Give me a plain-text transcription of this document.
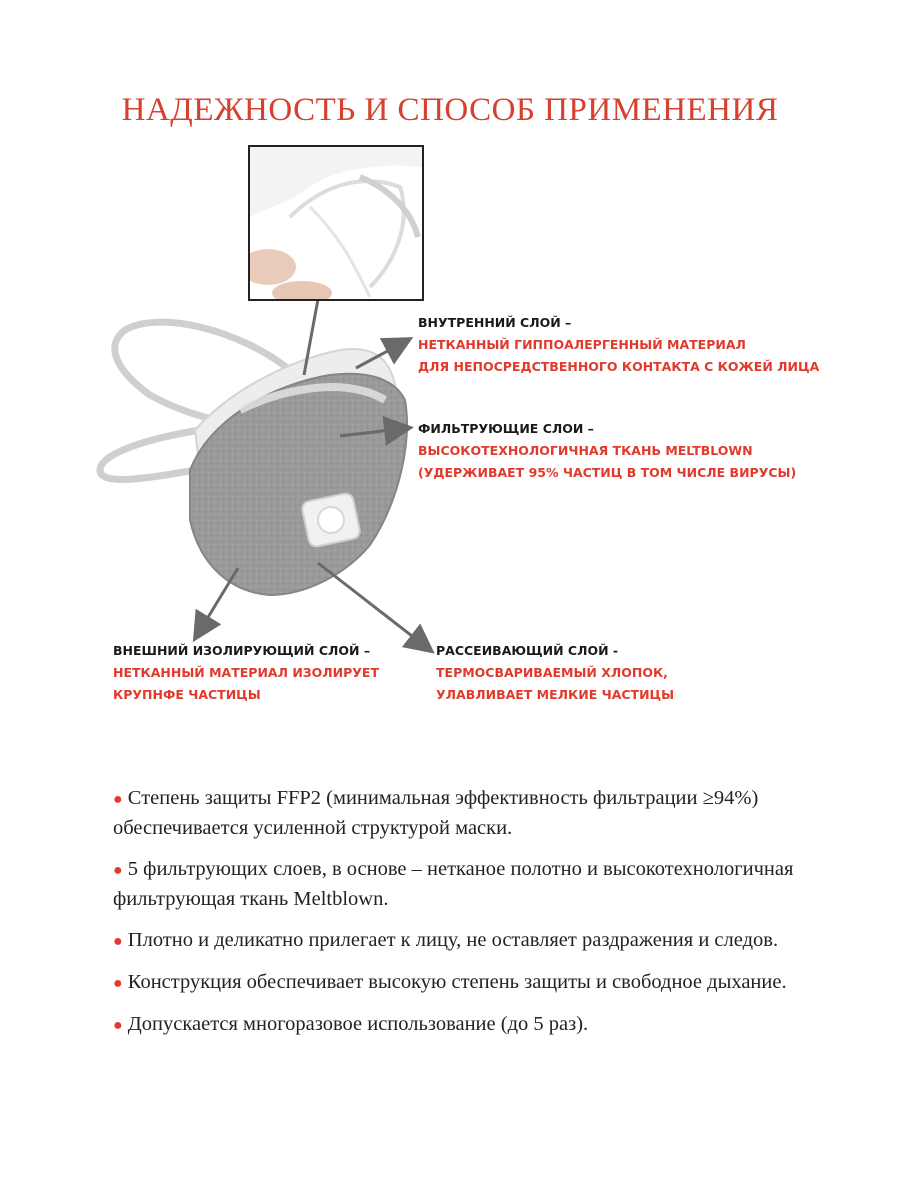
НАДЕЖНОСТЬ И СПОСОБ ПРИМЕНЕНИЯ
ВНУТРЕННИЙ СЛОЙ –
НЕТКАННЫЙ ГИППОАЛЕРГЕННЫЙ МАТЕРИАЛ
ДЛЯ НЕПОСРЕДСТВЕННОГО КОНТАКТА С КОЖЕЙ ЛИЦА
ФИЛЬТРУЮЩИЕ СЛОИ –
ВЫСОКОТЕХНОЛОГИЧНАЯ ТКАНЬ MELTBLOWN
(УДЕРЖИВАЕТ 95% ЧАСТИЦ В ТОМ ЧИСЛЕ ВИРУСЫ)
ВНЕШНИЙ ИЗОЛИРУЮЩИЙ СЛОЙ –
НЕТКАННЫЙ МАТЕРИАЛ ИЗОЛИРУЕТ
КРУПНФЕ ЧАСТИЦЫ
РАССЕИВАЮЩИЙ СЛОЙ -
ТЕРМОСВАРИВАЕМЫЙ ХЛОПОК,
УЛАВЛИВАЕТ МЕЛКИЕ ЧАСТИЦЫ
● Степень защиты FFP2 (минимальная эффективность фильтрации ≥94%) обеспечивается усиленной структурой маски.
● 5 фильтрующих слоев, в основе – нетканое полотно и высокотехнологичная фильтрующая ткань Meltblown.
● Плотно и деликатно прилегает к лицу, не оставляет раздражения и следов.
● Конструкция обеспечивает высокую степень защиты и свободное дыхание.
● Допускается многоразовое использование (до 5 раз).
